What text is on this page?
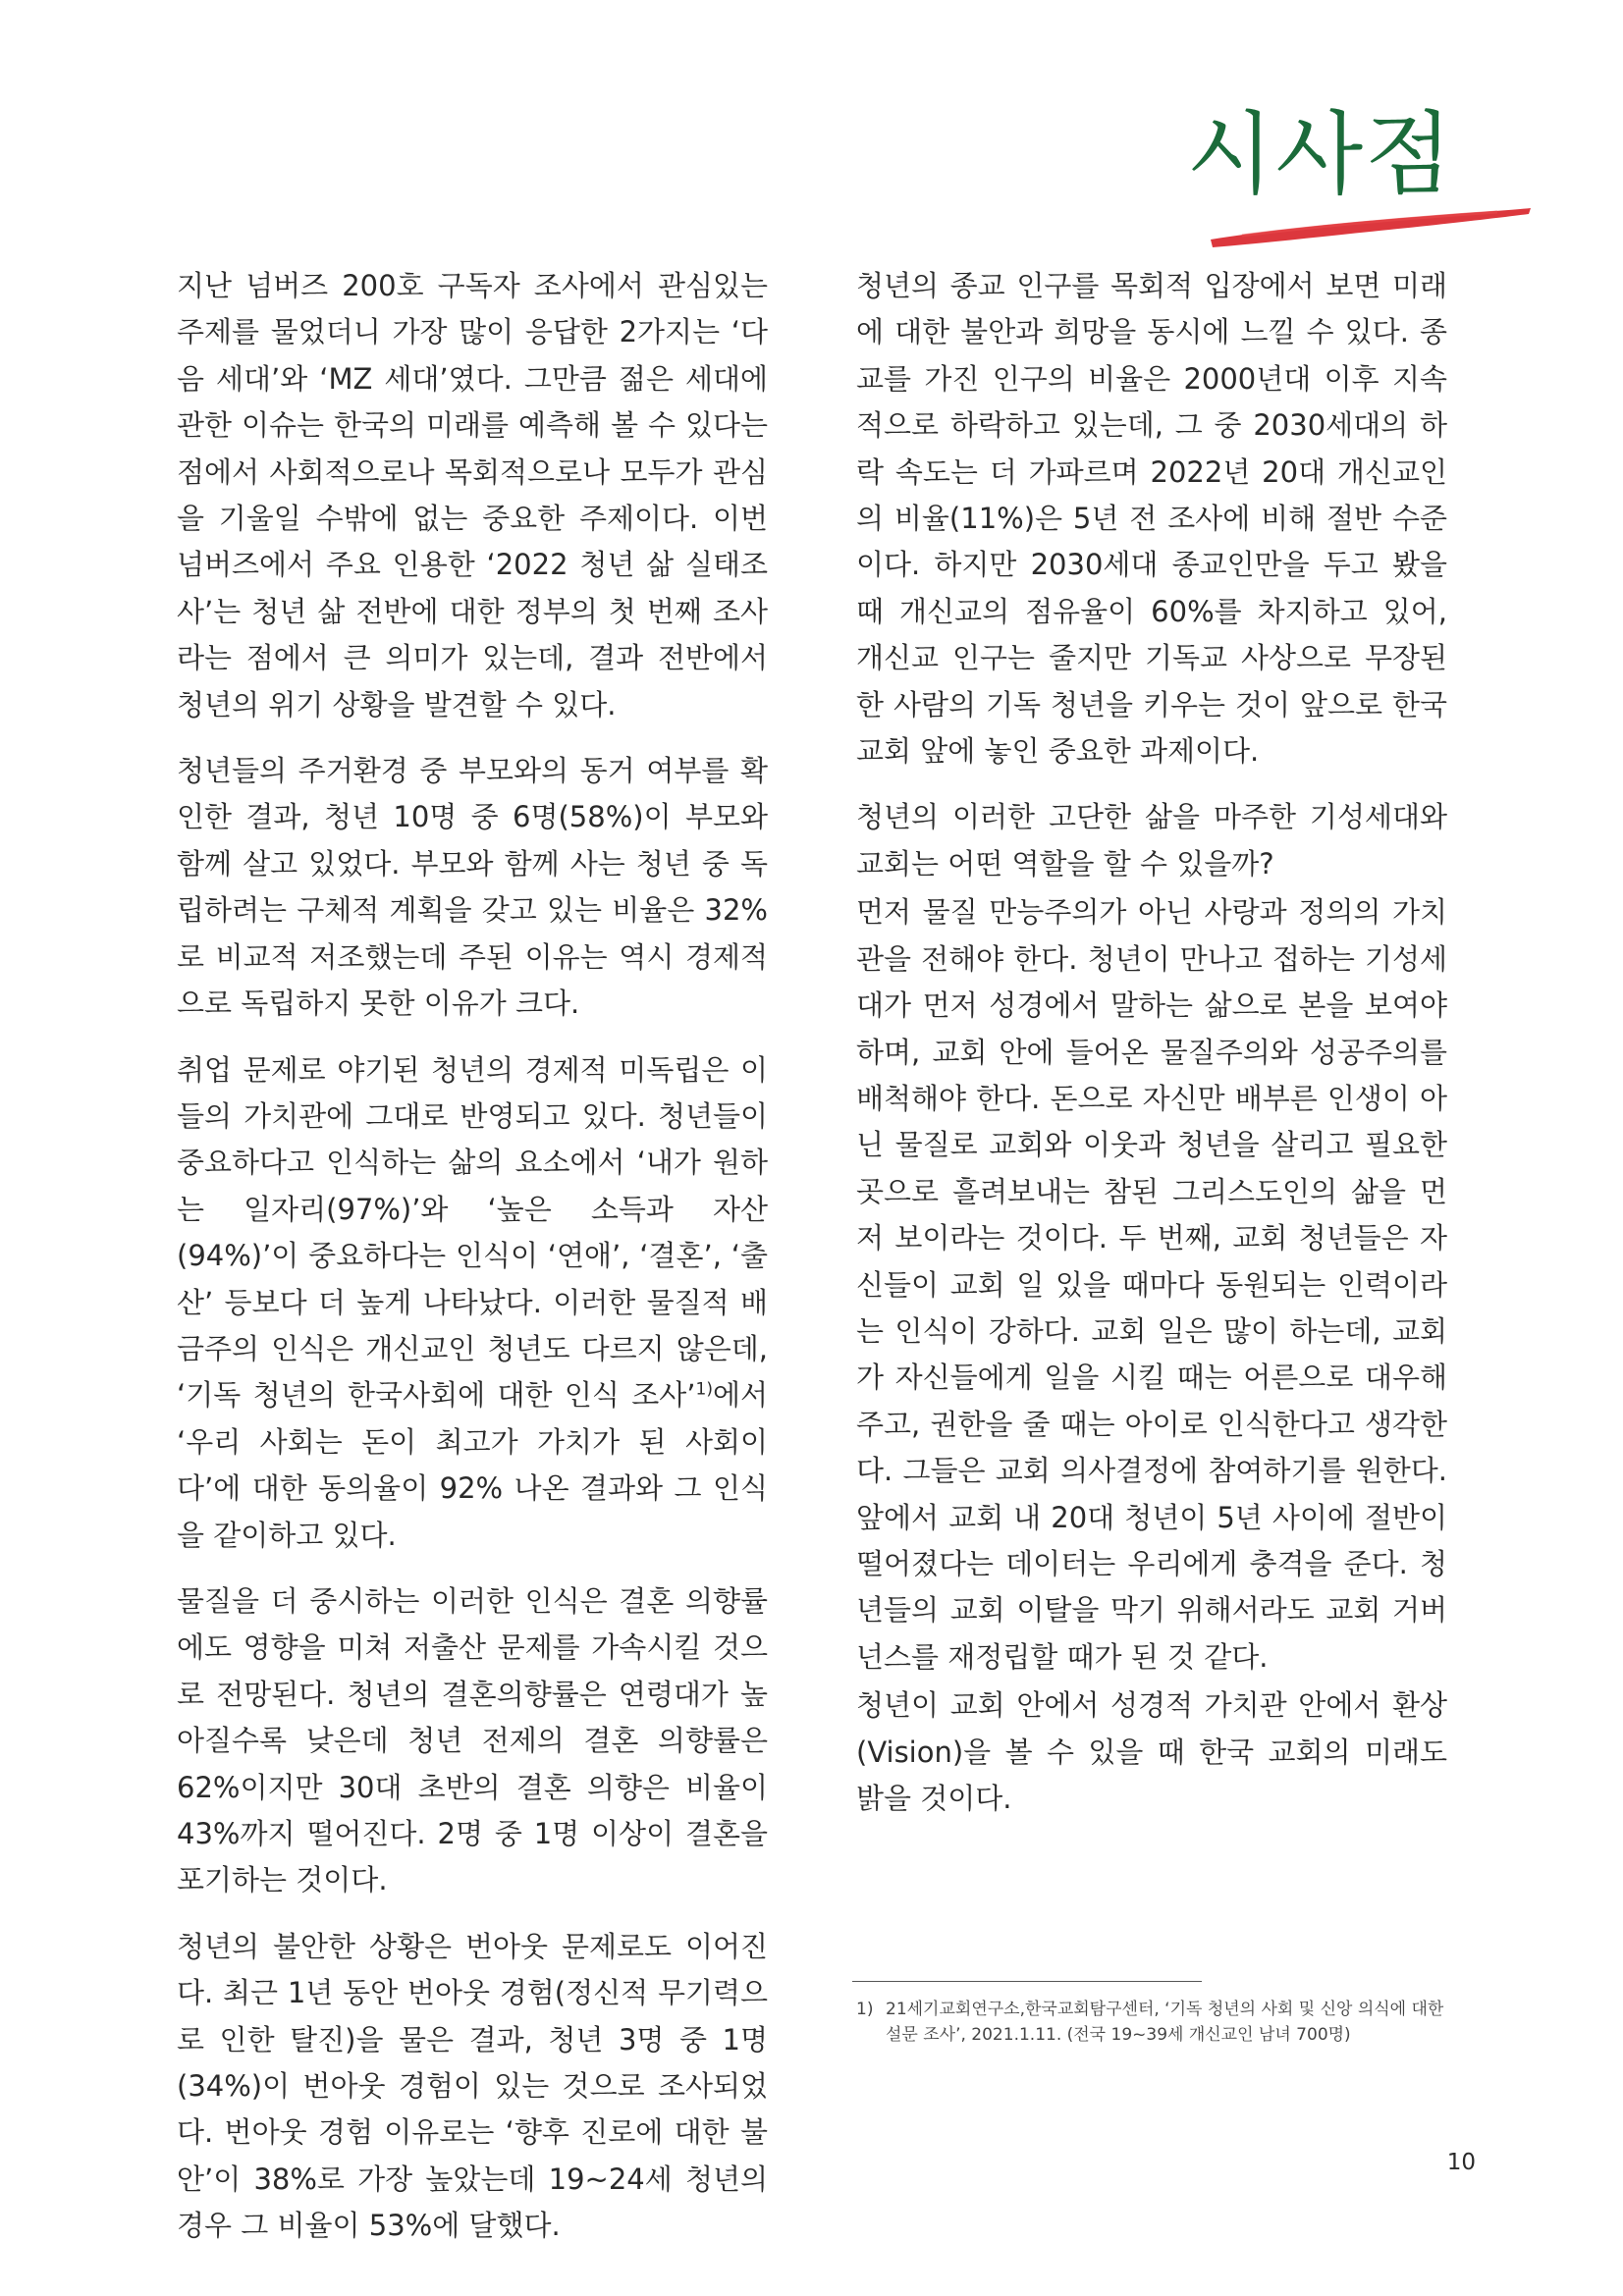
시사점

지난 넘버즈 200호 구독자 조사에서 관심있는 주제를 물었더니 가장 많이 응답한 2가지는 ‘다음 세대’와 ‘MZ 세대’였다. 그만큼 젊은 세대에 관한 이슈는 한국의 미래를 예측해 볼 수 있다는 점에서 사회적으로나 목회적으로나 모두가 관심을 기울일 수밖에 없는 중요한 주제이다. 이번 넘버즈에서 주요 인용한 ‘2022 청년 삶 실태조사’는 청년 삶 전반에 대한 정부의 첫 번째 조사라는 점에서 큰 의미가 있는데, 결과 전반에서 청년의 위기 상황을 발견할 수 있다.

청년들의 주거환경 중 부모와의 동거 여부를 확인한 결과, 청년 10명 중 6명(58%)이 부모와 함께 살고 있었다. 부모와 함께 사는 청년 중 독립하려는 구체적 계획을 갖고 있는 비율은 32%로 비교적 저조했는데 주된 이유는 역시 경제적으로 독립하지 못한 이유가 크다.

취업 문제로 야기된 청년의 경제적 미독립은 이들의 가치관에 그대로 반영되고 있다. 청년들이 중요하다고 인식하는 삶의 요소에서 ‘내가 원하는 일자리(97%)’와 ‘높은 소득과 자산(94%)’이 중요하다는 인식이 ‘연애’, ‘결혼’, ‘출산’ 등보다 더 높게 나타났다. 이러한 물질적 배금주의 인식은 개신교인 청년도 다르지 않은데, ‘기독 청년의 한국사회에 대한 인식 조사’$^{1)}$에서 ‘우리 사회는 돈이 최고가 가치가 된 사회이다’에 대한 동의율이 92% 나온 결과와 그 인식을 같이하고 있다.

물질을 더 중시하는 이러한 인식은 결혼 의향률에도 영향을 미쳐 저출산 문제를 가속시킬 것으로 전망된다. 청년의 결혼의향률은 연령대가 높아질수록 낮은데 청년 전제의 결혼 의향률은 62%이지만 30대 초반의 결혼 의향은 비율이 43%까지 떨어진다. 2명 중 1명 이상이 결혼을 포기하는 것이다.

청년의 불안한 상황은 번아웃 문제로도 이어진다. 최근 1년 동안 번아웃 경험(정신적 무기력으로 인한 탈진)을 물은 결과, 청년 3명 중 1명(34%)이 번아웃 경험이 있는 것으로 조사되었다. 번아웃 경험 이유로는 ‘향후 진로에 대한 불안’이 38%로 가장 높았는데 19~24세 청년의 경우 그 비율이 53%에 달했다.

청년의 종교 인구를 목회적 입장에서 보면 미래에 대한 불안과 희망을 동시에 느낄 수 있다. 종교를 가진 인구의 비율은 2000년대 이후 지속적으로 하락하고 있는데, 그 중 2030세대의 하락 속도는 더 가파르며 2022년 20대 개신교인의 비율(11%)은 5년 전 조사에 비해 절반 수준이다. 하지만 2030세대 종교인만을 두고 봤을 때 개신교의 점유율이 60%를 차지하고 있어, 개신교 인구는 줄지만 기독교 사상으로 무장된 한 사람의 기독 청년을 키우는 것이 앞으로 한국교회 앞에 놓인 중요한 과제이다.

청년의 이러한 고단한 삶을 마주한 기성세대와 교회는 어떤 역할을 할 수 있을까?

먼저 물질 만능주의가 아닌 사랑과 정의의 가치관을 전해야 한다. 청년이 만나고 접하는 기성세대가 먼저 성경에서 말하는 삶으로 본을 보여야 하며, 교회 안에 들어온 물질주의와 성공주의를 배척해야 한다. 돈으로 자신만 배부른 인생이 아닌 물질로 교회와 이웃과 청년을 살리고 필요한 곳으로 흘려보내는 참된 그리스도인의 삶을 먼저 보이라는 것이다. 두 번째, 교회 청년들은 자신들이 교회 일 있을 때마다 동원되는 인력이라는 인식이 강하다. 교회 일은 많이 하는데, 교회가 자신들에게 일을 시킬 때는 어른으로 대우해 주고, 권한을 줄 때는 아이로 인식한다고 생각한다. 그들은 교회 의사결정에 참여하기를 원한다. 앞에서 교회 내 20대 청년이 5년 사이에 절반이 떨어졌다는 데이터는 우리에게 충격을 준다. 청년들의 교회 이탈을 막기 위해서라도 교회 거버넌스를 재정립할 때가 된 것 같다.

청년이 교회 안에서 성경적 가치관 안에서 환상(Vision)을 볼 수 있을 때 한국 교회의 미래도 밝을 것이다.

1) 21세기교회연구소,한국교회탐구센터, ‘기독 청년의 사회 및 신앙 의식에 대한
설문 조사’, 2021.1.11. (전국 19~39세 개신교인 남녀 700명)
10
